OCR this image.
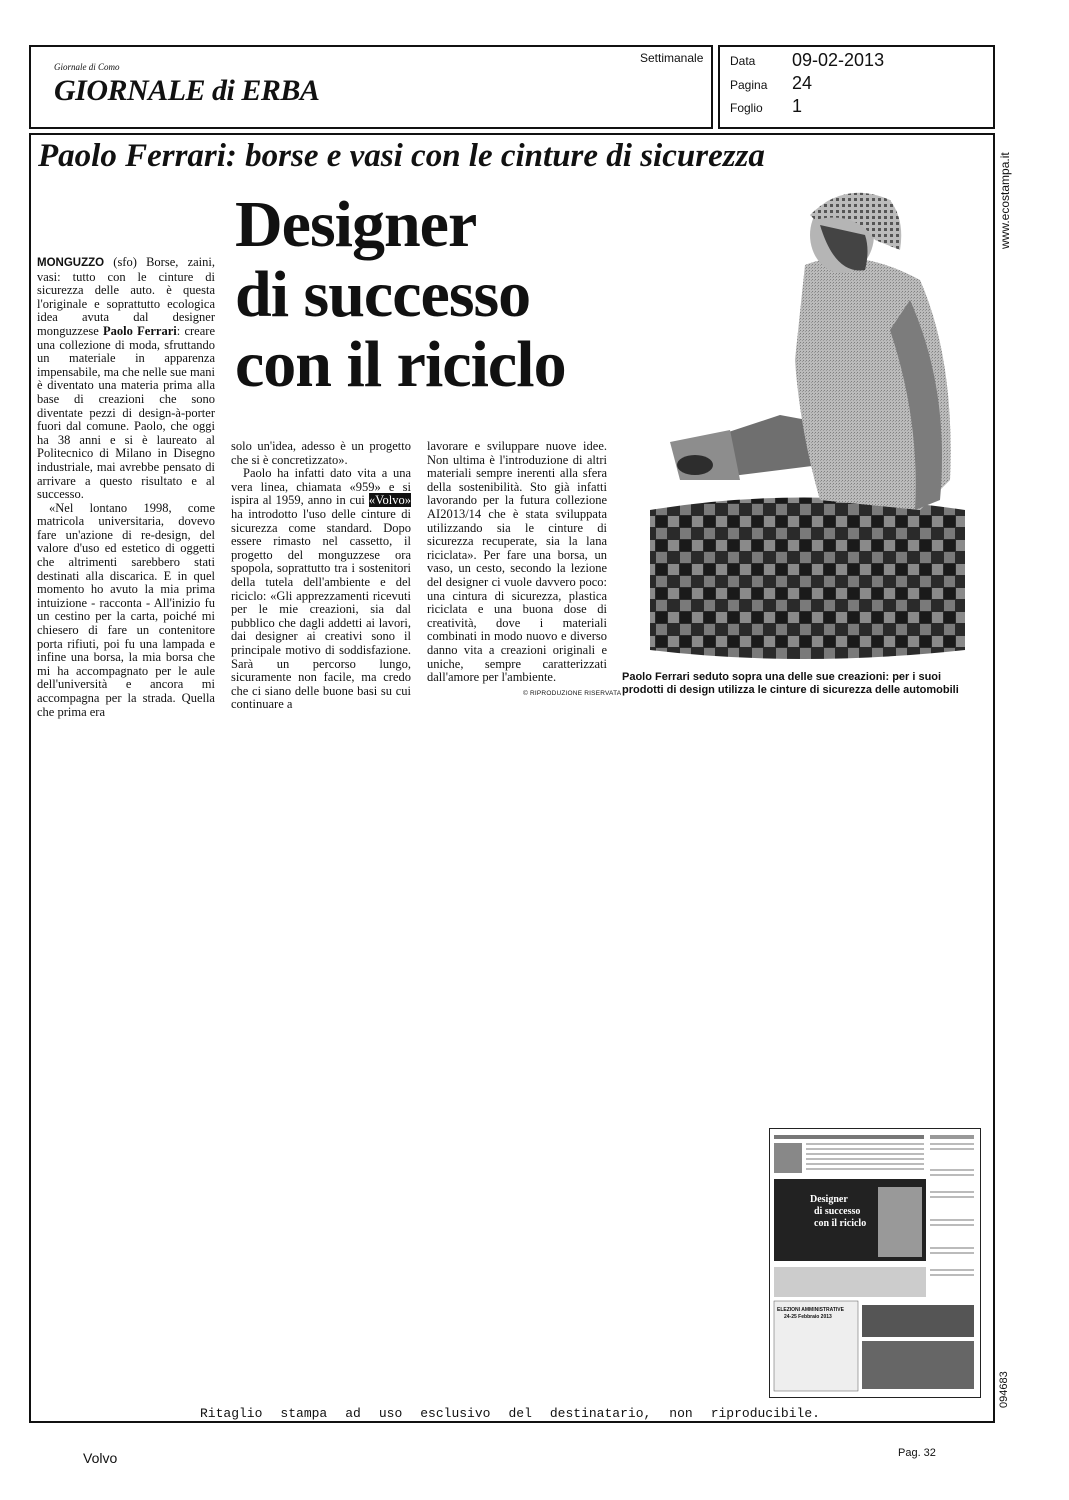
Giornale di Como
GIORNALE di ERBA
Settimanale Data 09-02-2013
Pagina 24
Foglio 1
Paolo Ferrari: borse e vasi con le cinture di sicurezza
Designer
di successo
con il riciclo

MONGUZZO (sfo) Borse, zaini, vasi: tutto con le cinture di sicurezza delle auto. è questa l'originale e soprattutto ecologica idea avuta dal designer monguzzese Paolo Ferrari: creare una collezione di moda, sfruttando un materiale in apparenza impensabile, ma che nelle sue mani è diventato una materia prima alla base di creazioni che sono diventate pezzi di design-à-porter fuori dal comune. Paolo, che oggi ha 38 anni e si è laureato al Politecnico di Milano in Disegno industriale, mai avrebbe pensato di arrivare a questo risultato e al successo.

«Nel lontano 1998, come matricola universitaria, dovevo fare un'azione di re-design, del valore d'uso ed estetico di oggetti che altrimenti sarebbero stati destinati alla discarica. E in quel momento ho avuto la mia prima intuizione - racconta - All'inizio fu un cestino per la carta, poiché mi chiesero di fare un contenitore porta rifiuti, poi fu una lampada e infine una borsa, la mia borsa che mi ha accompagnato per le aule dell'università e ancora mi accompagna per la strada. Quella che prima era

solo un'idea, adesso è un progetto che si è concretizzato».

Paolo ha infatti dato vita a una vera linea, chiamata «959» e si ispira al 1959, anno in cui «Volvo» ha introdotto l'uso delle cinture di sicurezza come standard. Dopo essere rimasto nel cassetto, il progetto del monguzzese ora spopola, soprattutto tra i sostenitori della tutela dell'ambiente e del riciclo: «Gli apprezzamenti ricevuti per le mie creazioni, sia dal pubblico che dagli addetti ai lavori, dai designer ai creativi sono il principale motivo di soddisfazione. Sarà un percorso lungo, sicuramente non facile, ma credo che ci siano delle buone basi su cui continuare a

lavorare e sviluppare nuove idee. Non ultima è l'introduzione di altri materiali sempre inerenti alla sfera della sostenibilità. Sto già infatti lavorando per la futura collezione AI2013/14 che è stata sviluppata utilizzando sia le cinture di sicurezza recuperate, sia la lana riciclata». Per fare una borsa, un vaso, un cesto, secondo la lezione del designer ci vuole davvero poco: una cintura di sicurezza, plastica riciclata e una buona dose di creatività, dove i materiali combinati in modo nuovo e diverso danno vita a creazioni originali e uniche, sempre caratterizzati dall'amore per l'ambiente.

© RIPRODUZIONE RISERVATA
Paolo Ferrari seduto sopra una delle sue creazioni: per i suoi prodotti di design utilizza le cinture di sicurezza delle automobili
www.ecostampa.it
094683
Designer
di successo
con il riciclo
ELEZIONI AMMINISTRATIVE
24-25 Febbraio 2013
Ritaglio stampa ad uso esclusivo del destinatario, non riproducibile.
Volvo	Pag. 32
